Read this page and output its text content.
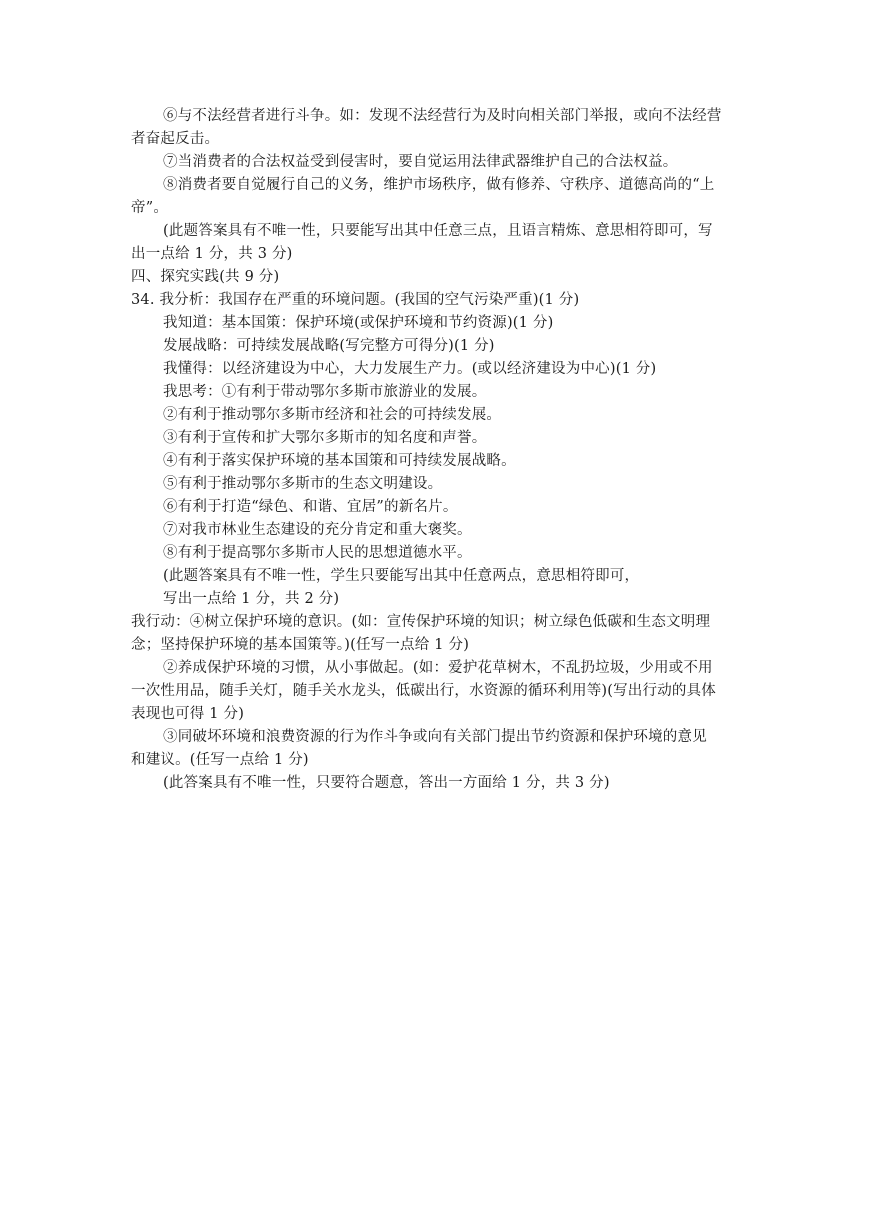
⑥与不法经营者进行斗争。如：发现不法经营行为及时向相关部门举报，或向不法经营
者奋起反击。
⑦当消费者的合法权益受到侵害时，要自觉运用法律武器维护自己的合法权益。
⑧消费者要自觉履行自己的义务，维护市场秩序，做有修养、守秩序、道德高尚的“上
帝”。
(此题答案具有不唯一性，只要能写出其中任意三点，且语言精炼、意思相符即可，写
出一点给 1 分，共 3 分)
四、探究实践(共 9 分)
34. 我分析：我国存在严重的环境问题。(我国的空气污染严重)(1 分)
我知道：基本国策：保护环境(或保护环境和节约资源)(1 分)
发展战略：可持续发展战略(写完整方可得分)(1 分)
我懂得：以经济建设为中心，大力发展生产力。(或以经济建设为中心)(1 分)
我思考：①有利于带动鄂尔多斯市旅游业的发展。
②有利于推动鄂尔多斯市经济和社会的可持续发展。
③有利于宣传和扩大鄂尔多斯市的知名度和声誉。
④有利于落实保护环境的基本国策和可持续发展战略。
⑤有利于推动鄂尔多斯市的生态文明建设。
⑥有利于打造“绿色、和谐、宜居”的新名片。
⑦对我市林业生态建设的充分肯定和重大褒奖。
⑧有利于提高鄂尔多斯市人民的思想道德水平。
(此题答案具有不唯一性，学生只要能写出其中任意两点，意思相符即可，
写出一点给 1 分，共 2 分)
我行动：④树立保护环境的意识。(如：宣传保护环境的知识；树立绿色低碳和生态文明理
念；坚持保护环境的基本国策等。)(任写一点给 1 分)
②养成保护环境的习惯，从小事做起。(如：爱护花草树木，不乱扔垃圾，少用或不用
一次性用品，随手关灯，随手关水龙头，低碳出行，水资源的循环利用等)(写出行动的具体
表现也可得 1 分)
③同破坏环境和浪费资源的行为作斗争或向有关部门提出节约资源和保护环境的意见
和建议。(任写一点给 1 分)
(此答案具有不唯一性，只要符合题意，答出一方面给 1 分，共 3 分)
